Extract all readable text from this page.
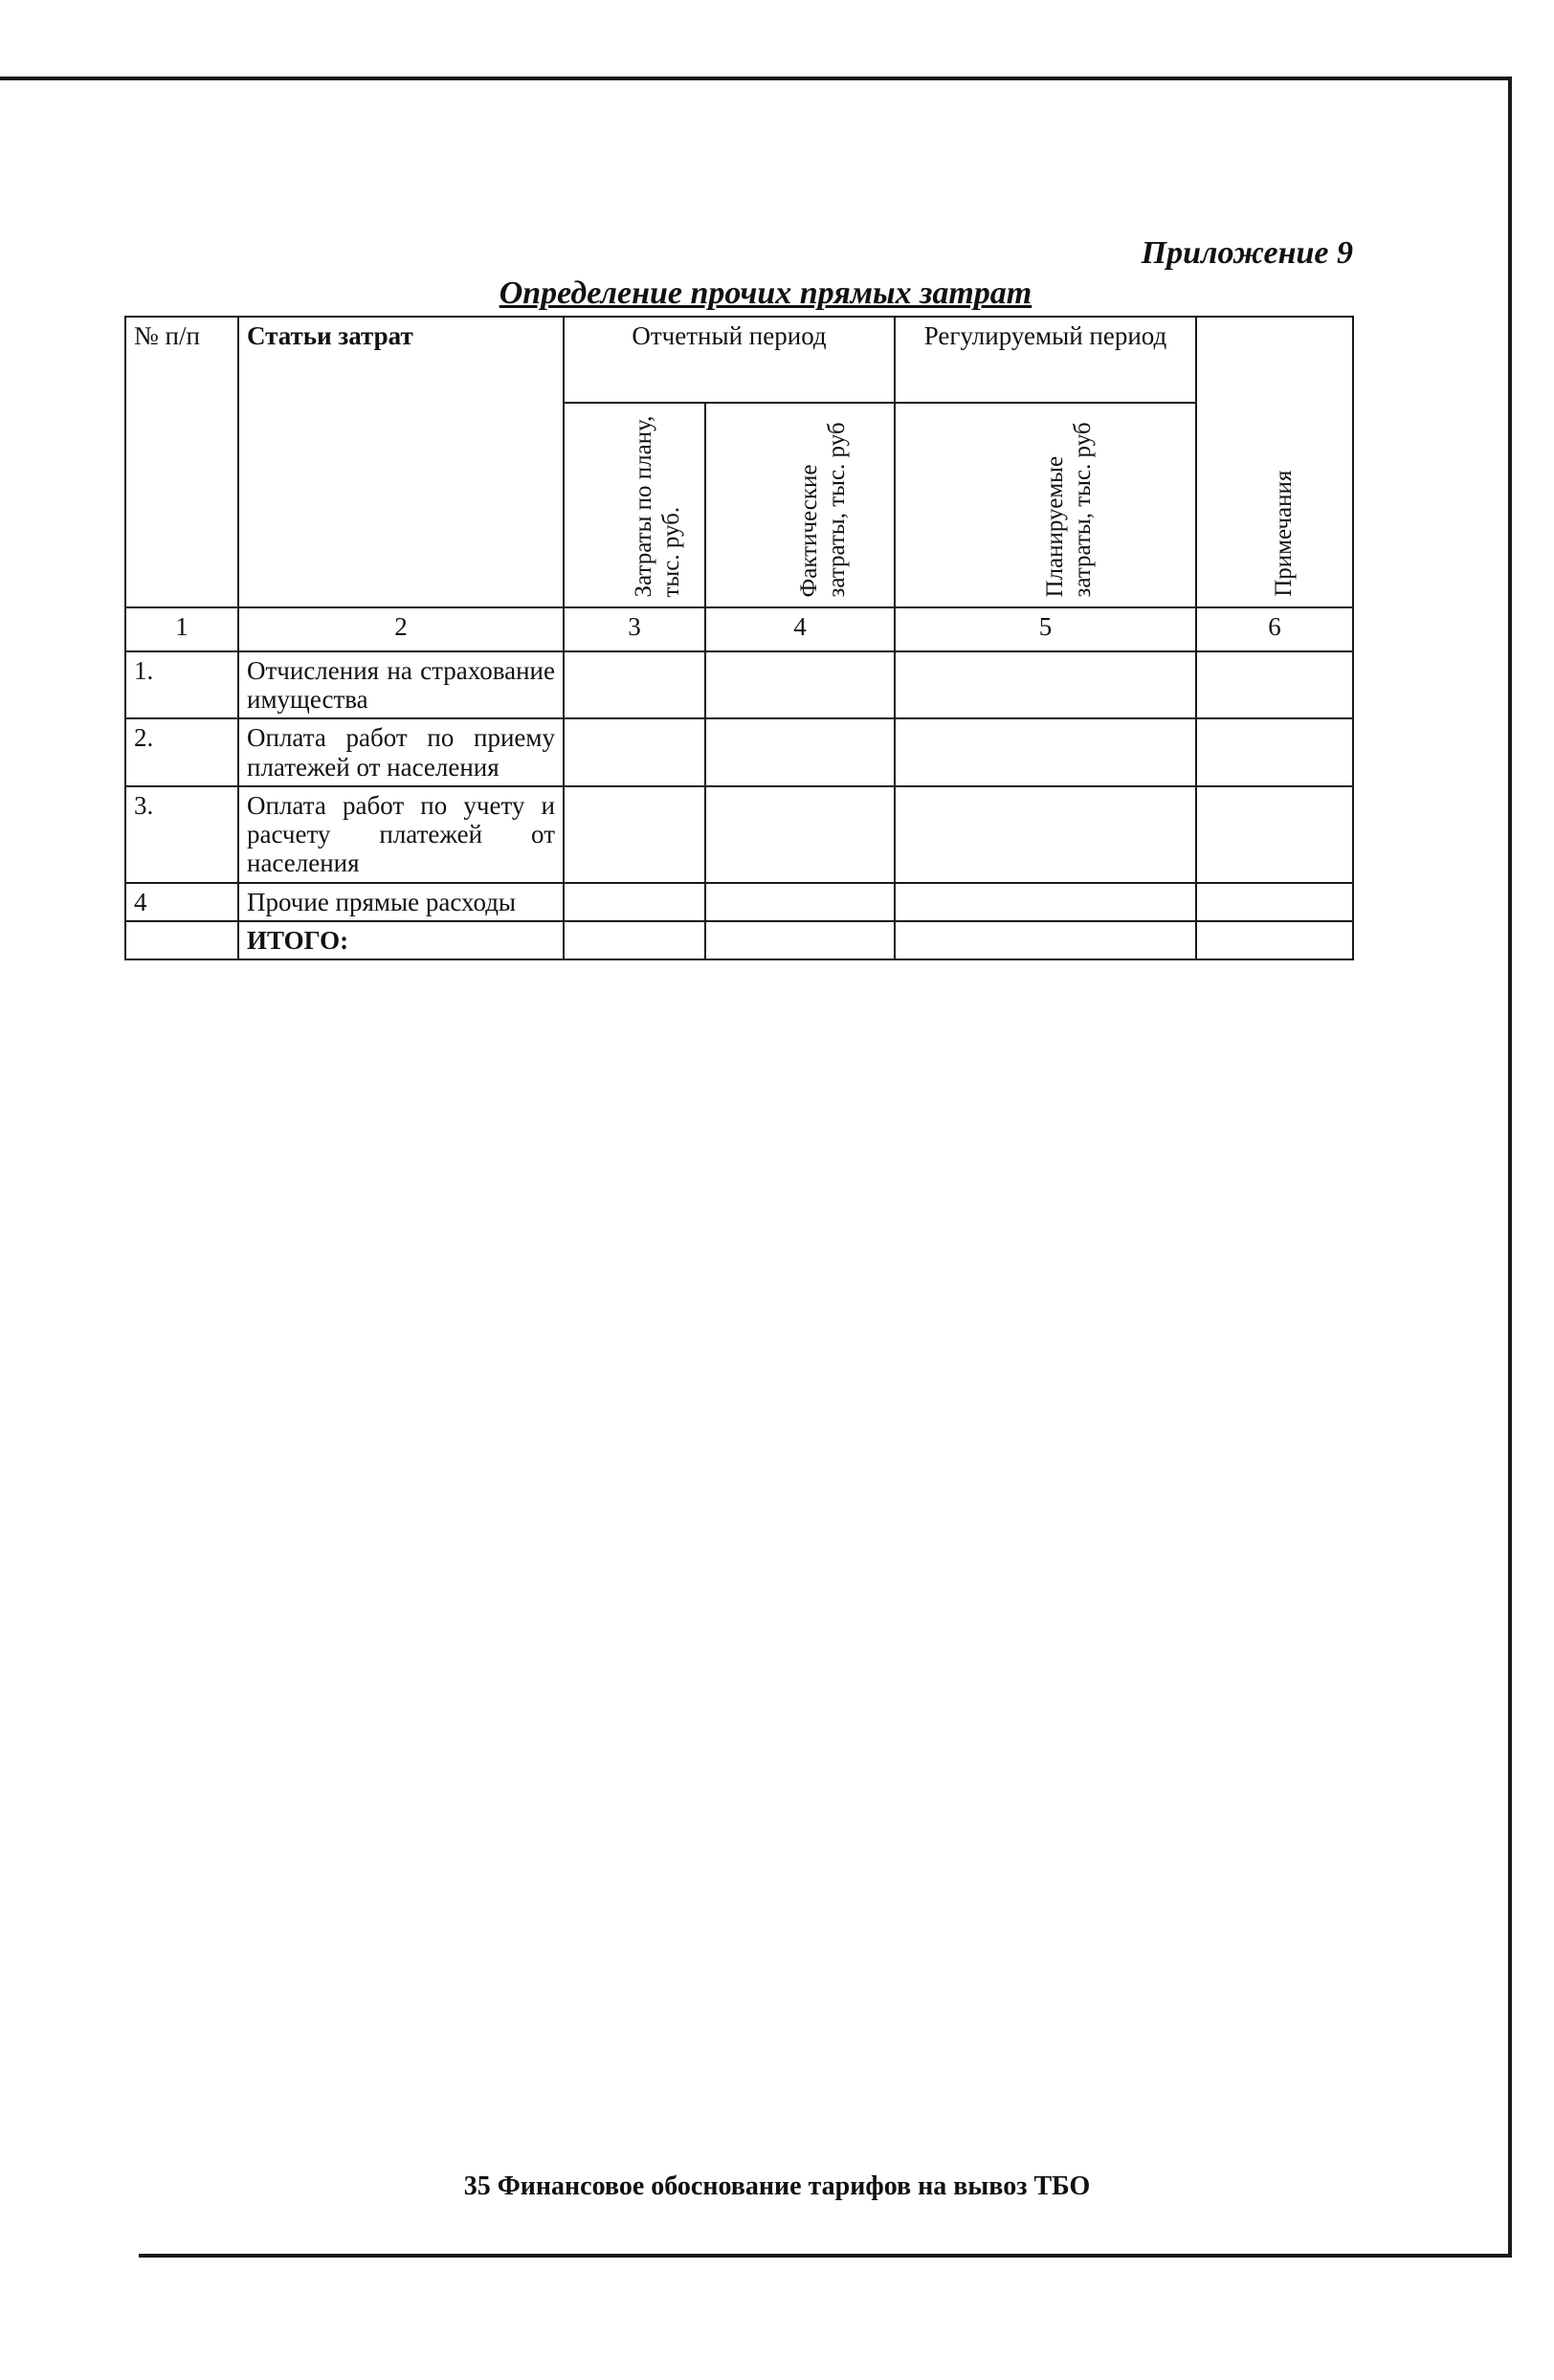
Приложение 9
Определение прочих прямых затрат
№ п/п	Статьи затрат	Отчетный период		Регулируемый период	Примечания

		Затраты по плану, тыс. руб.	Фактические затраты, тыс. руб	Планируемые затраты, тыс. руб	

1	2	3	4	5	6
1.	Отчисления на страхование имущества				
2.	Оплата работ по приему платежей от населения				
3.	Оплата работ по учету и расчету платежей от населения				
4	Прочие прямые расходы				
	ИТОГО:				
35 Финансовое обоснование тарифов на вывоз ТБО
